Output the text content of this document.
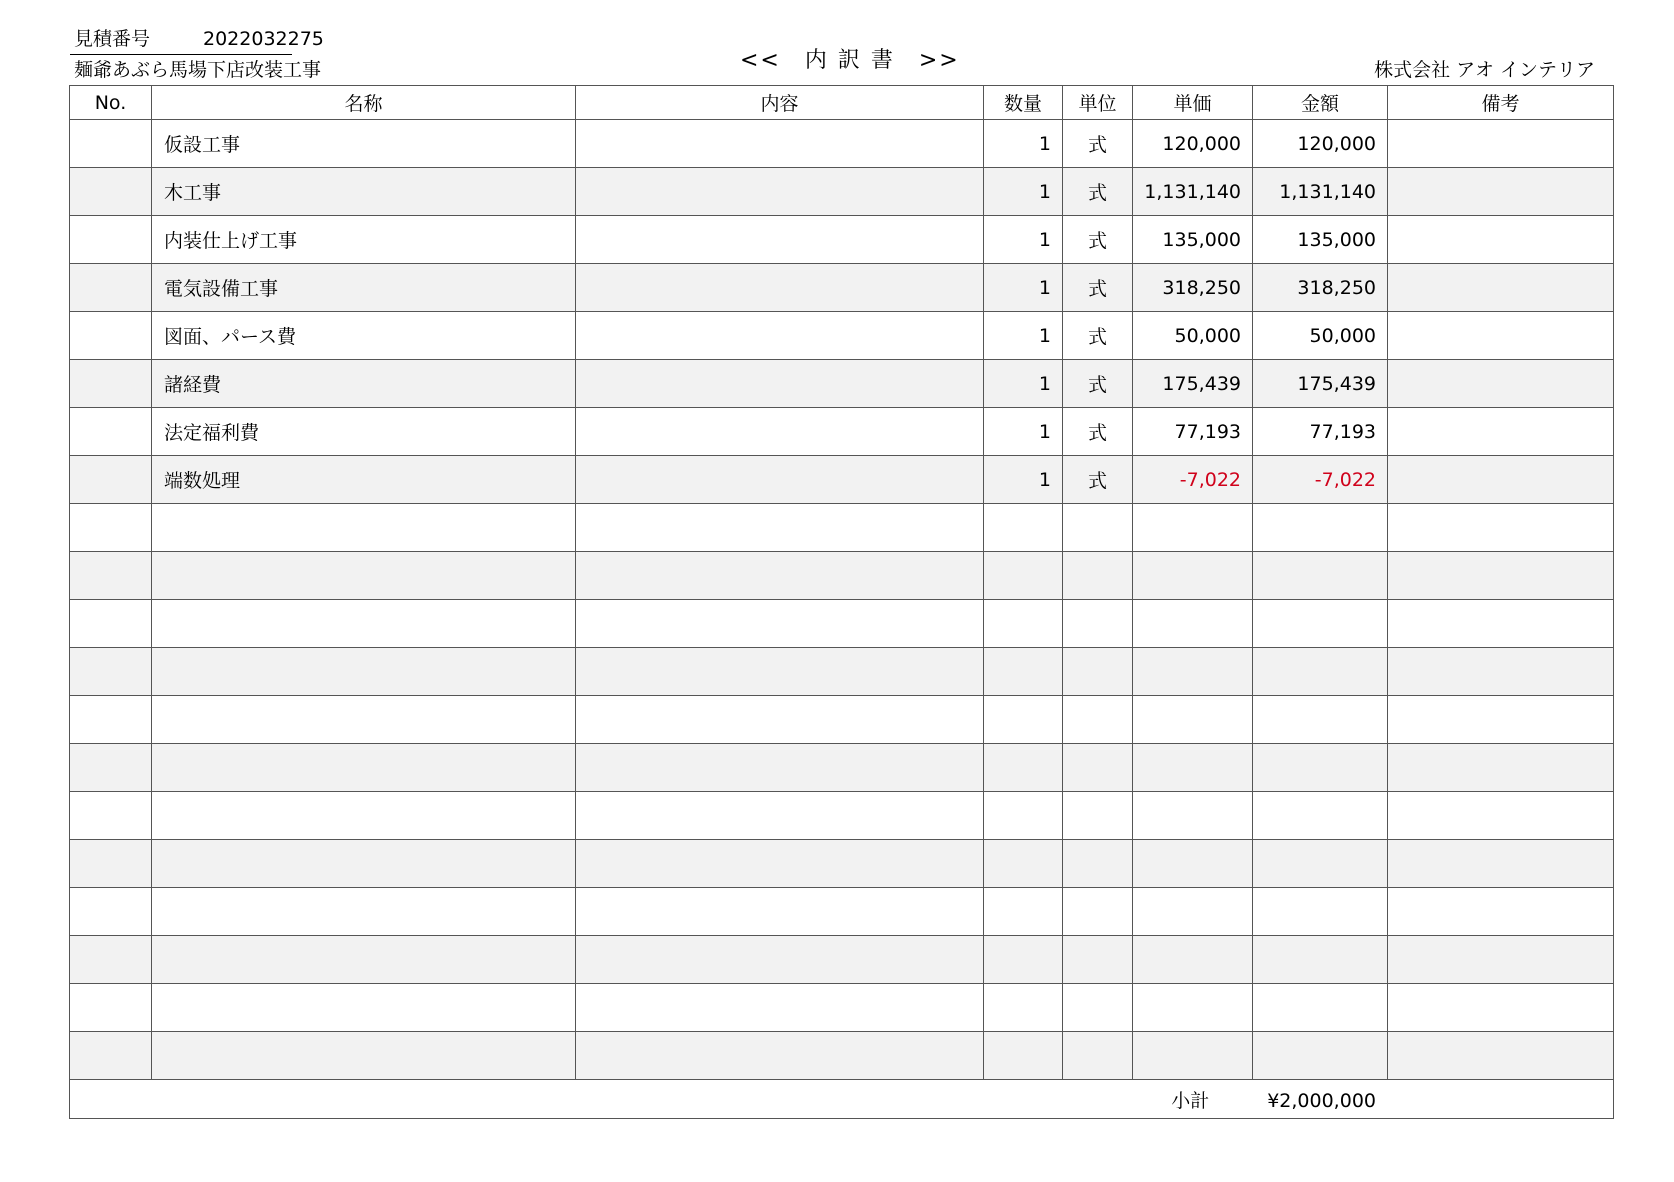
見積番号	2022032275
麺爺あぶら馬場下店改装工事	<<　内 訳 書　>>	株式会社 アオ インテリア
No.	名称	内容	数量	単位	単価	金額	備考
	仮設工事		1	式	120,000	120,000	
	木工事		1	式	1,131,140	1,131,140	
	内装仕上げ工事		1	式	135,000	135,000	
	電気設備工事		1	式	318,250	318,250	
	図面、パース費		1	式	50,000	50,000	
	諸経費		1	式	175,439	175,439	
	法定福利費		1	式	77,193	77,193	
	端数処理		1	式	-7,022	-7,022	

小計 ¥2,000,000							
